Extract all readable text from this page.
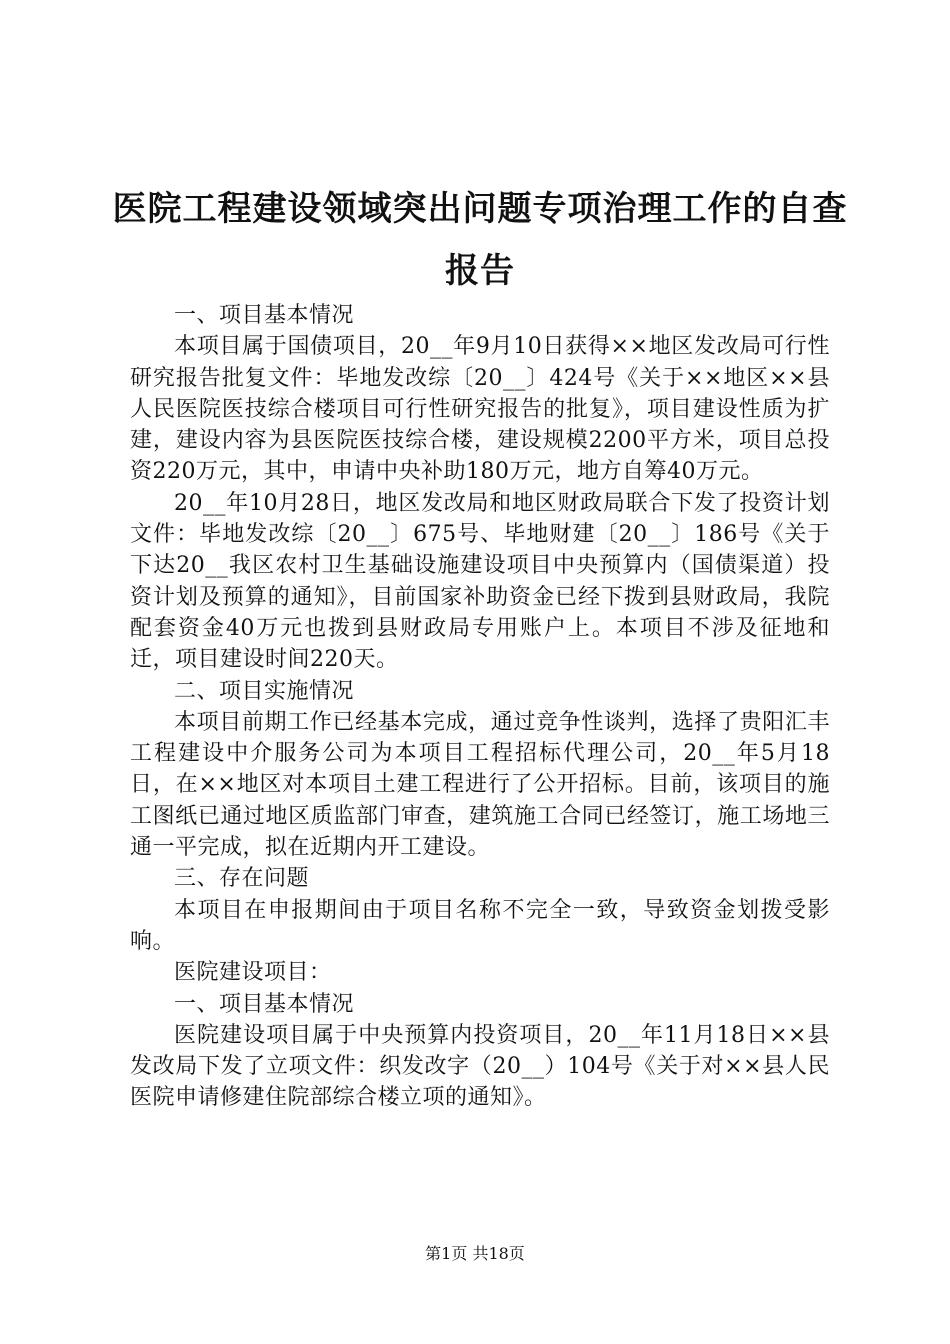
医院工程建设领域突出问题专项治理工作的自查报告

一、项目基本情况

本项目属于国债项目，20__年9月10日获得××地区发改局可行性研究报告批复文件：毕地发改综〔20__〕424号《关于××地区××县人民医院医技综合楼项目可行性研究报告的批复》，项目建设性质为扩建，建设内容为县医院医技综合楼，建设规模2200平方米，项目总投资220万元，其中，申请中央补助180万元，地方自筹40万元。

20__年10月28日，地区发改局和地区财政局联合下发了投资计划文件：毕地发改综〔20__〕675号、毕地财建〔20__〕186号《关于下达20__我区农村卫生基础设施建设项目中央预算内（国债渠道）投资计划及预算的通知》，目前国家补助资金已经下拨到县财政局，我院配套资金40万元也拨到县财政局专用账户上。本项目不涉及征地和迁，项目建设时间220天。

二、项目实施情况

本项目前期工作已经基本完成，通过竞争性谈判，选择了贵阳汇丰工程建设中介服务公司为本项目工程招标代理公司，20__年5月18日，在××地区对本项目土建工程进行了公开招标。目前，该项目的施工图纸已通过地区质监部门审查，建筑施工合同已经签订，施工场地三通一平完成，拟在近期内开工建设。

三、存在问题

本项目在申报期间由于项目名称不完全一致，导致资金划拨受影响。

医院建设项目：

一、项目基本情况

医院建设项目属于中央预算内投资项目，20__年11月18日××县发改局下发了立项文件：织发改字（20__）104号《关于对××县人民医院申请修建住院部综合楼立项的通知》。

第1页 共18页
